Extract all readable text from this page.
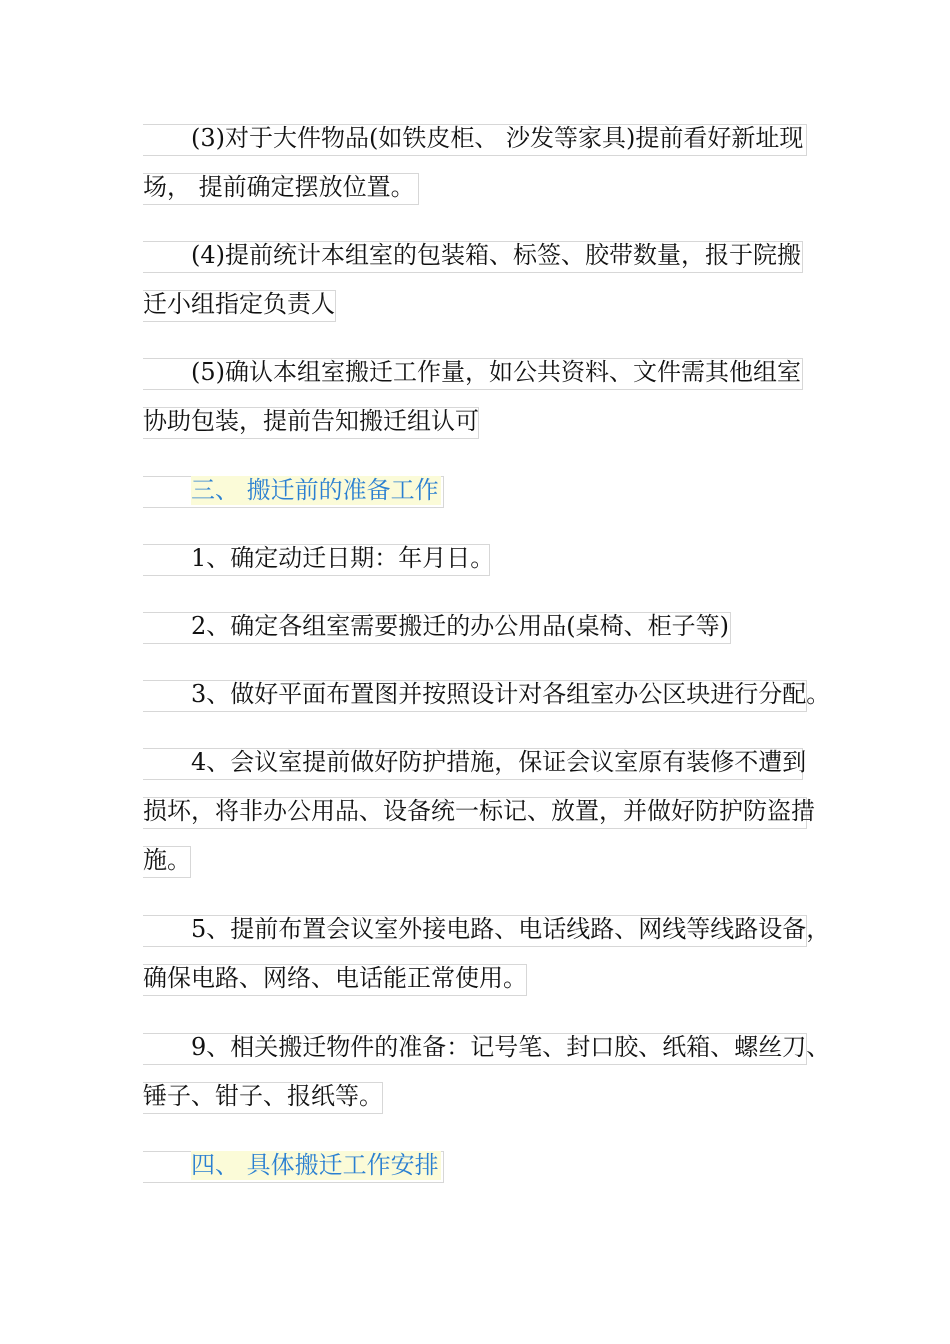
(3)对于大件物品(如铁皮柜、 沙发等家具)提前看好新址现
场， 提前确定摆放位置。
(4)提前统计本组室的包装箱、标签、胶带数量，报于院搬
迁小组指定负责人
(5)确认本组室搬迁工作量，如公共资料、文件需其他组室
协助包装，提前告知搬迁组认可
三、 搬迁前的准备工作
1、确定动迁日期：年月日。
2、确定各组室需要搬迁的办公用品(桌椅、柜子等)
3、做好平面布置图并按照设计对各组室办公区块进行分配。
4、会议室提前做好防护措施，保证会议室原有装修不遭到
损坏，将非办公用品、设备统一标记、放置，并做好防护防盗措
施。
5、提前布置会议室外接电路、电话线路、网线等线路设备，
确保电路、网络、电话能正常使用。
9、相关搬迁物件的准备：记号笔、封口胶、纸箱、螺丝刀、
锤子、钳子、报纸等。
四、 具体搬迁工作安排
